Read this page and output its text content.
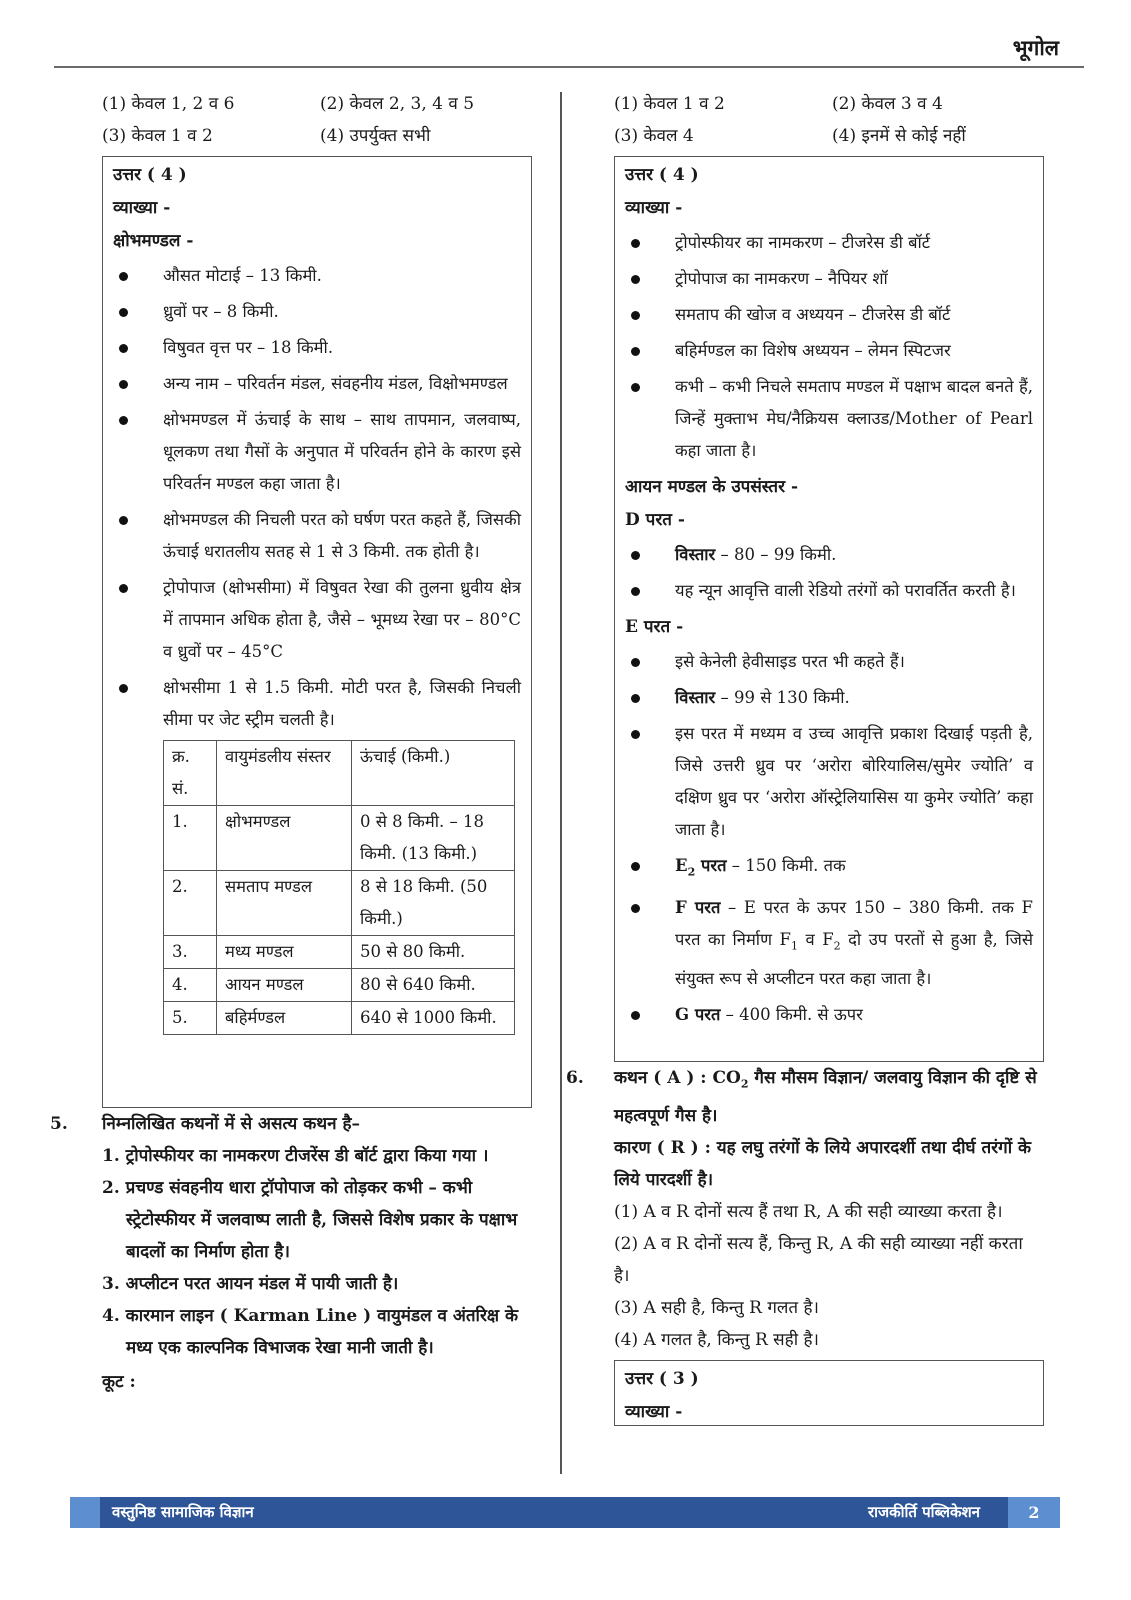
भूगोल
(1) केवल 1, 2 व 6	(2) केवल 2, 3, 4 व 5
(3) केवल 1 व 2	(4) उपर्युक्त सभी
उत्तर ( 4 )
व्याख्या -
क्षोभमण्डल -
औसत मोटाई – 13 किमी.
ध्रुवों पर – 8 किमी.
विषुवत वृत्त पर – 18 किमी.
अन्य नाम – परिवर्तन मंडल, संवहनीय मंडल, विक्षोभमण्डल
क्षोभमण्डल में ऊंचाई के साथ – साथ तापमान, जलवाष्प, धूलकण तथा गैसों के अनुपात में परिवर्तन होने के कारण इसे परिवर्तन मण्डल कहा जाता है।
क्षोभमण्डल की निचली परत को घर्षण परत कहते हैं, जिसकी ऊंचाई धरातलीय सतह से 1 से 3 किमी. तक होती है।
ट्रोपोपाज (क्षोभसीमा) में विषुवत रेखा की तुलना ध्रुवीय क्षेत्र में तापमान अधिक होता है, जैसे – भूमध्य रेखा पर – 80°C व ध्रुवों पर – 45°C
क्षोभसीमा 1 से 1.5 किमी. मोटी परत है, जिसकी निचली सीमा पर जेट स्ट्रीम चलती है।
क्र. सं.	वायुमंडलीय संस्तर	ऊंचाई (किमी.)
1.	क्षोभमण्डल	0 से 8 किमी. – 18 किमी. (13 किमी.)
2.	समताप मण्डल	8 से 18 किमी. (50 किमी.)
3.	मध्य मण्डल	50 से 80 किमी.
4.	आयन मण्डल	80 से 640 किमी.
5.	बहिर्मण्डल	640 से 1000 किमी.
5. निम्नलिखित कथनों में से असत्य कथन है–
1. ट्रोपोस्फीयर का नामकरण टीजरेंस डी बॉर्ट द्वारा किया गया ।
2. प्रचण्ड संवहनीय धारा ट्रॉपोपाज को तोड़कर कभी – कभी स्ट्रेटोस्फीयर में जलवाष्प लाती है, जिससे विशेष प्रकार के पक्षाभ बादलों का निर्माण होता है।
3. अप्लीटन परत आयन मंडल में पायी जाती है।
4. कारमान लाइन ( Karman Line ) वायुमंडल व अंतरिक्ष के मध्य एक काल्पनिक विभाजक रेखा मानी जाती है।
कूट :
(1) केवल 1 व 2	(2) केवल 3 व 4
(3) केवल 4	(4) इनमें से कोई नहीं
उत्तर ( 4 )
व्याख्या -
ट्रोपोस्फीयर का नामकरण – टीजरेस डी बॉर्ट
ट्रोपोपाज का नामकरण – नैपियर शॉ
समताप की खोज व अध्ययन – टीजरेस डी बॉर्ट
बहिर्मण्डल का विशेष अध्ययन – लेमन स्पिटजर
कभी – कभी निचले समताप मण्डल में पक्षाभ बादल बनते हैं, जिन्हें मुक्ताभ मेघ/नैक्रियस क्लाउड/Mother of Pearl कहा जाता है।
आयन मण्डल के उपसंस्तर -
D परत -
विस्तार – 80 – 99 किमी.
यह न्यून आवृत्ति वाली रेडियो तरंगों को परावर्तित करती है।
E परत -
इसे केनेली हेवीसाइड परत भी कहते हैं।
विस्तार – 99 से 130 किमी.
इस परत में मध्यम व उच्च आवृत्ति प्रकाश दिखाई पड़ती है, जिसे उत्तरी ध्रुव पर ‘अरोरा बोरियालिस/सुमेर ज्योति’ व दक्षिण ध्रुव पर ‘अरोरा ऑस्ट्रेलियासिस या कुमेर ज्योति’ कहा जाता है।
$E_2$ परत – 150 किमी. तक
F परत – E परत के ऊपर 150 – 380 किमी. तक F परत का निर्माण $F_1$ व $F_2$ दो उप परतों से हुआ है, जिसे संयुक्त रूप से अप्लीटन परत कहा जाता है।
G परत – 400 किमी. से ऊपर
6. कथन ( A ) : $CO_2$ गैस मौसम विज्ञान/ जलवायु विज्ञान की दृष्टि से महत्वपूर्ण गैस है।
कारण ( R ) : यह लघु तरंगों के लिये अपारदर्शी तथा दीर्घ तरंगों के लिये पारदर्शी है।
(1) A व R दोनों सत्य हैं तथा R, A की सही व्याख्या करता है।
(2) A व R दोनों सत्य हैं, किन्तु R, A की सही व्याख्या नहीं करता है।
(3) A सही है, किन्तु R गलत है।
(4) A गलत है, किन्तु R सही है।
उत्तर ( 3 )
व्याख्या -
वस्तुनिष्ठ सामाजिक विज्ञान	राजकीर्ति पब्लिकेशन	2
